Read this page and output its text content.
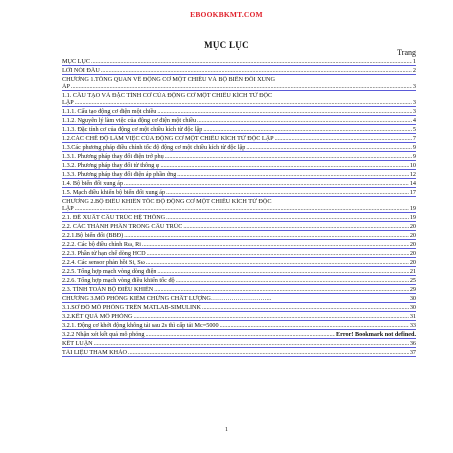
EBOOKBKMT.COM
MỤC LỤC
Trang
MỤC LỤC .....	1
LỜI NÓI ĐẦU .....	2
CHƯƠNG 1.TỔNG QUAN VỀ ĐỘNG CƠ MỘT CHIỀU VÀ BỘ BIẾN ĐỔI XUNG
ÁP .....	3
1.1. CẤU TẠO VÀ ĐẶC TÍNH CƠ CỦA ĐỘNG CƠ MỘT CHIỀU KÍCH TỪ ĐỘC
LẬP .....	3
1.1.1. Cấu tạo động cơ điện một chiều .....	3
1.1.2. Nguyên lý làm việc của động cơ điện một chiều .....	4
1.1.3. Đặc tính cơ của động cơ một chiều kích từ độc lập .....	5
1.2.CÁC CHẾ ĐỘ LÀM VIỆC CỦA ĐỘNG CƠ MỘT CHIỀU KÍCH TỪ ĐỘC LẬP .....	7
1.3.Các phương pháp điều chỉnh tốc độ động cơ một chiều kích từ độc lập .....	9
1.3.1. Phương pháp thay đổi điện trở phụ .....	9
1.3.2. Phương pháp thay đổi từ thông φ .....	10
1.3.3. Phương pháp thay đổi điện áp phần ứng .....	12
1.4. Bộ biến đổi xung áp .....	14
1.5. Mạch điều khiển bộ biến đổi xung áp .....	17
CHƯƠNG 2.BỘ ĐIỀU KHIỂN TỐC ĐỘ ĐỘNG CƠ MỘT CHIỀU KÍCH TỪ ĐỘC
LẬP .....	19
2.1. ĐỀ XUẤT CẤU TRÚC HỆ THỐNG .....	19
2.2. CÁC THÀNH PHẦN TRONG CẤU TRÚC .....	20
2.2.1.Bộ biến đổi (BBĐ) .....	20
2.2.2. Các bộ điều chỉnh Rω, Ri .....	20
2.2.3. Phần tử hạn chế dòng HCD .....	20
2.2.4. Các sensor phản hồi Si, Sω .....	20
2.2.5. Tổng hợp mạch vòng dòng điện .....	21
2.2.6. Tổng hợp mạch vòng điều khiển tốc độ .....	25
2.3. TÍNH TOÁN BỘ ĐIỀU KHIỂN .....	29
CHƯƠNG 3.MÔ PHỎNG KIỂM CHỨNG CHẤT LƯỢNG………………………...	30
3.1.SƠ ĐỒ MÔ PHỎNG TRÊN MATLAB-SIMULINK .....	30
3.2.KẾT QUẢ MÔ PHỎNG .....	31
3.2.1. Động cơ khởi động không tải sau 2s thì cấp tải Mc=5000 .....	33
3.2.2 Nhận xét kết quả mô phỏng .....	Error! Bookmark not defined.
KẾT LUẬN .....	36
TÀI LIỆU THAM KHẢO .....	37
1
